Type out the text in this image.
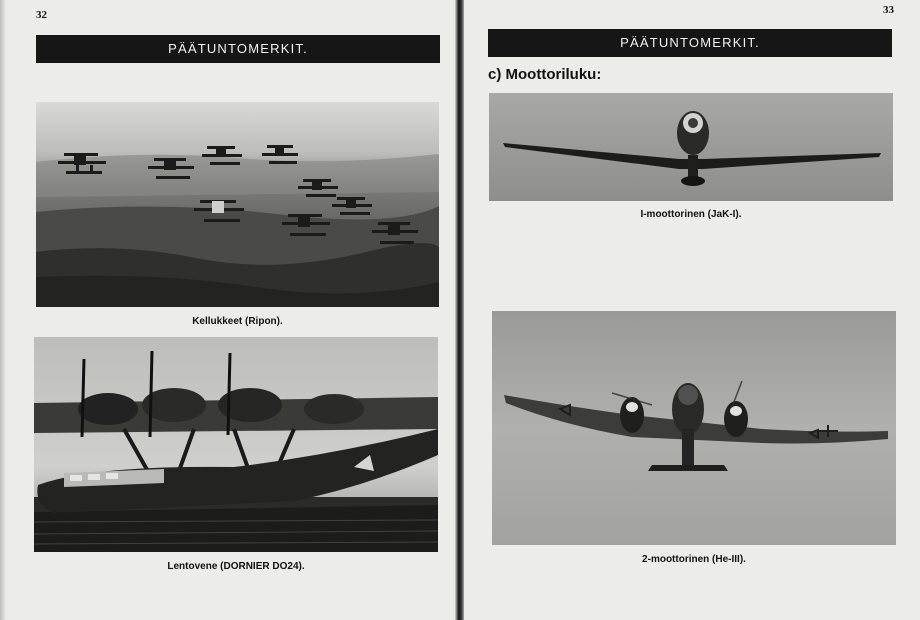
32
PÄÄTUNTOMERKIT.
Kellukkeet (Ripon).
Lentovene (DORNIER DO24).
33
PÄÄTUNTOMERKIT.
c) Moottoriluku:
I-moottorinen (JaK-I).
2-moottorinen (He-III).
